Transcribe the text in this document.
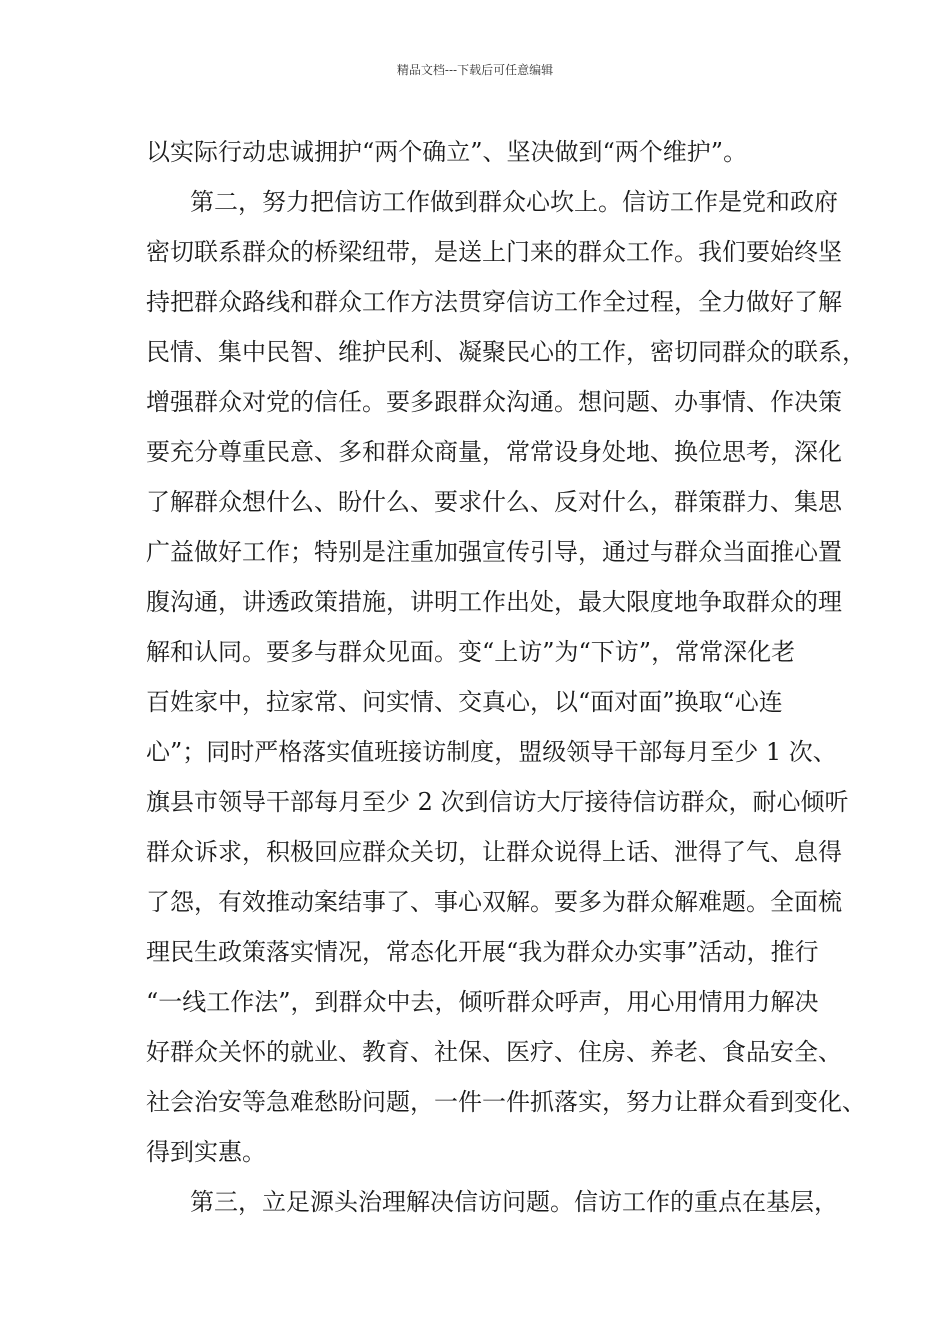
精品文档---下载后可任意编辑
以实际行动忠诚拥护“两个确立”、坚决做到“两个维护”。
第二，努力把信访工作做到群众心坎上。信访工作是党和政府
密切联系群众的桥梁纽带，是送上门来的群众工作。我们要始终坚
持把群众路线和群众工作方法贯穿信访工作全过程，全力做好了解
民情、集中民智、维护民利、凝聚民心的工作，密切同群众的联系，
增强群众对党的信任。要多跟群众沟通。想问题、办事情、作决策
要充分尊重民意、多和群众商量，常常设身处地、换位思考，深化
了解群众想什么、盼什么、要求什么、反对什么，群策群力、集思
广益做好工作；特别是注重加强宣传引导，通过与群众当面推心置
腹沟通，讲透政策措施，讲明工作出处，最大限度地争取群众的理
解和认同。要多与群众见面。变“上访”为“下访”，常常深化老
百姓家中，拉家常、问实情、交真心，以“面对面”换取“心连
心”；同时严格落实值班接访制度，盟级领导干部每月至少 1 次、
旗县市领导干部每月至少 2 次到信访大厅接待信访群众，耐心倾听
群众诉求，积极回应群众关切，让群众说得上话、泄得了气、息得
了怨，有效推动案结事了、事心双解。要多为群众解难题。全面梳
理民生政策落实情况，常态化开展“我为群众办实事”活动，推行
“一线工作法”，到群众中去，倾听群众呼声，用心用情用力解决
好群众关怀的就业、教育、社保、医疗、住房、养老、食品安全、
社会治安等急难愁盼问题，一件一件抓落实，努力让群众看到变化、
得到实惠。
第三，立足源头治理解决信访问题。信访工作的重点在基层，
